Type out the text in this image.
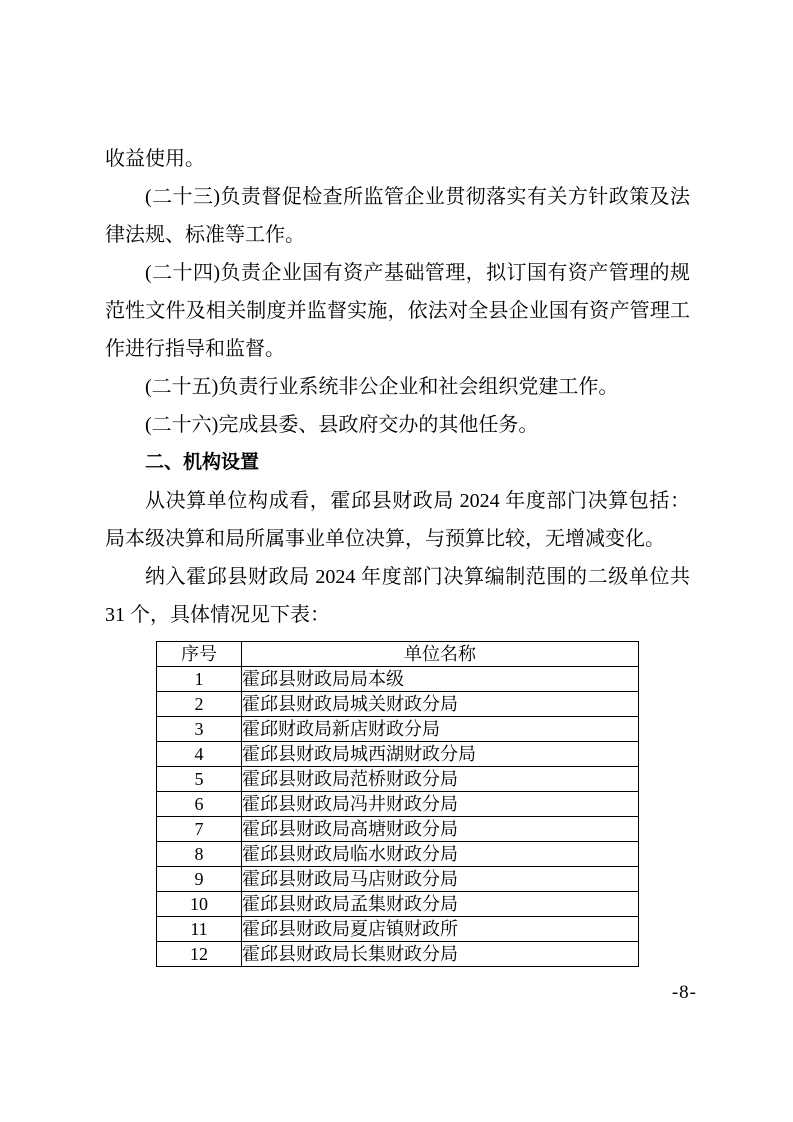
收益使用。

(二十三)负责督促检查所监管企业贯彻落实有关方针政策及法律法规、标准等工作。

(二十四)负责企业国有资产基础管理，拟订国有资产管理的规范性文件及相关制度并监督实施，依法对全县企业国有资产管理工作进行指导和监督。

(二十五)负责行业系统非公企业和社会组织党建工作。

(二十六)完成县委、县政府交办的其他任务。

二、机构设置

从决算单位构成看，霍邱县财政局 2024 年度部门决算包括：局本级决算和局所属事业单位决算，与预算比较，无增减变化。

纳入霍邱县财政局 2024 年度部门决算编制范围的二级单位共 31 个，具体情况见下表：

序号	单位名称
1	霍邱县财政局局本级
2	霍邱县财政局城关财政分局
3	霍邱财政局新店财政分局
4	霍邱县财政局城西湖财政分局
5	霍邱县财政局范桥财政分局
6	霍邱县财政局冯井财政分局
7	霍邱县财政局高塘财政分局
8	霍邱县财政局临水财政分局
9	霍邱县财政局马店财政分局
10	霍邱县财政局孟集财政分局
11	霍邱县财政局夏店镇财政所
12	霍邱县财政局长集财政分局
-8-
